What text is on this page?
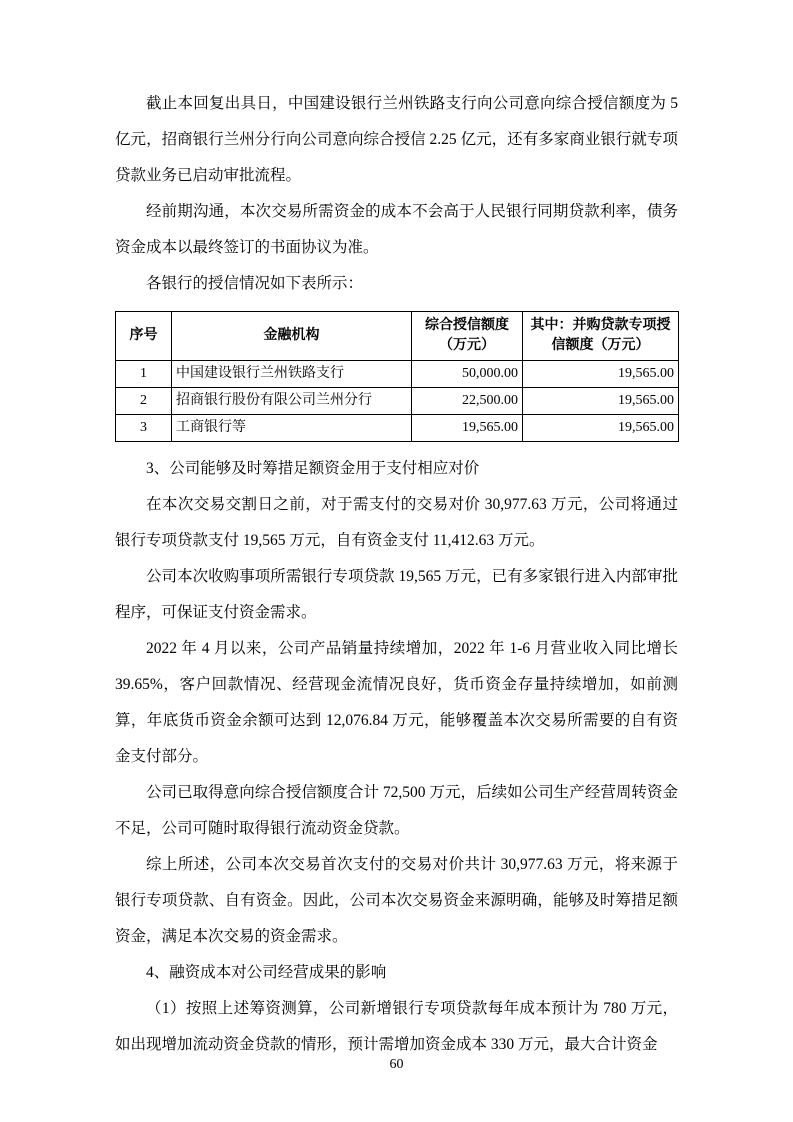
截止本回复出具日，中国建设银行兰州铁路支行向公司意向综合授信额度为 5 亿元，招商银行兰州分行向公司意向综合授信 2.25 亿元，还有多家商业银行就专项贷款业务已启动审批流程。

经前期沟通，本次交易所需资金的成本不会高于人民银行同期贷款利率，债务资金成本以最终签订的书面协议为准。

各银行的授信情况如下表所示：

序号	金融机构	综合授信额度（万元）	其中：并购贷款专项授信额度（万元）
1	中国建设银行兰州铁路支行	50,000.00	19,565.00
2	招商银行股份有限公司兰州分行	22,500.00	19,565.00
3	工商银行等	19,565.00	19,565.00

3、公司能够及时筹措足额资金用于支付相应对价

在本次交易交割日之前，对于需支付的交易对价 30,977.63 万元，公司将通过银行专项贷款支付 19,565 万元，自有资金支付 11,412.63 万元。

公司本次收购事项所需银行专项贷款 19,565 万元，已有多家银行进入内部审批程序，可保证支付资金需求。

2022 年 4 月以来，公司产品销量持续增加，2022 年 1-6 月营业收入同比增长 39.65%，客户回款情况、经营现金流情况良好，货币资金存量持续增加，如前测算，年底货币资金余额可达到 12,076.84 万元，能够覆盖本次交易所需要的自有资金支付部分。

公司已取得意向综合授信额度合计 72,500 万元，后续如公司生产经营周转资金不足，公司可随时取得银行流动资金贷款。

综上所述，公司本次交易首次支付的交易对价共计 30,977.63 万元，将来源于银行专项贷款、自有资金。因此，公司本次交易资金来源明确，能够及时筹措足额资金，满足本次交易的资金需求。

4、融资成本对公司经营成果的影响

（1）按照上述筹资测算，公司新增银行专项贷款每年成本预计为 780 万元，如出现增加流动资金贷款的情形，预计需增加资金成本 330 万元，最大合计资金

60
